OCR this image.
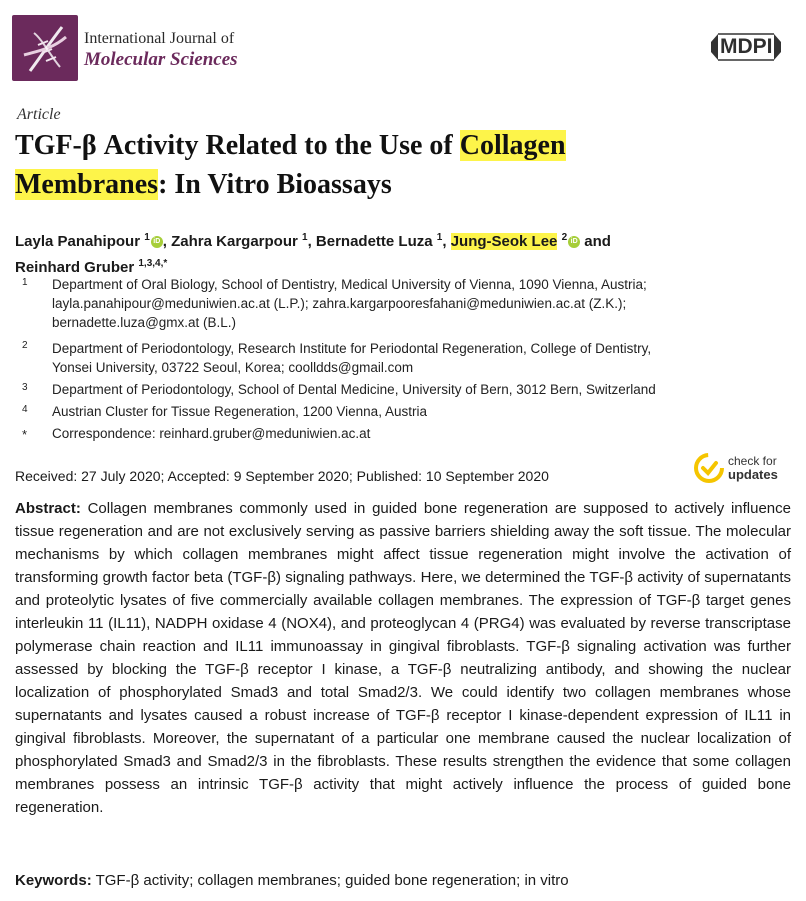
International Journal of
Molecular Sciences
MDPI
Article
TGF-β Activity Related to the Use of Collagen
Membranes: In Vitro Bioassays
Layla Panahipour $^1$ iD , Zahra Kargarpour $^1$, Bernadette Luza $^1$, Jung-Seok Lee $^2$ iD and
Reinhard Gruber $^{1,3,4,*}$
1	Department of Oral Biology, School of Dentistry, Medical University of Vienna, 1090 Vienna, Austria;
layla.panahipour@meduniwien.ac.at (L.P.); zahra.kargarpooresfahani@meduniwien.ac.at (Z.K.);
bernadette.luza@gmx.at (B.L.)
2	Department of Periodontology, Research Institute for Periodontal Regeneration, College of Dentistry,
Yonsei University, 03722 Seoul, Korea; coolldds@gmail.com
3	Department of Periodontology, School of Dental Medicine, University of Bern, 3012 Bern, Switzerland
4	Austrian Cluster for Tissue Regeneration, 1200 Vienna, Austria
*	Correspondence: reinhard.gruber@meduniwien.ac.at
Received: 27 July 2020; Accepted: 9 September 2020; Published: 10 September 2020
check for
updates
Abstract: Collagen membranes commonly used in guided bone regeneration are supposed to actively influence tissue regeneration and are not exclusively serving as passive barriers shielding away the soft tissue. The molecular mechanisms by which collagen membranes might affect tissue regeneration might involve the activation of transforming growth factor beta (TGF-β) signaling pathways. Here, we determined the TGF-β activity of supernatants and proteolytic lysates of five commercially available collagen membranes. The expression of TGF-β target genes interleukin 11 (IL11), NADPH oxidase 4 (NOX4), and proteoglycan 4 (PRG4) was evaluated by reverse transcriptase polymerase chain reaction and IL11 immunoassay in gingival fibroblasts. TGF-β signaling activation was further assessed by blocking the TGF-β receptor I kinase, a TGF-β neutralizing antibody, and showing the nuclear localization of phosphorylated Smad3 and total Smad2/3. We could identify two collagen membranes whose supernatants and lysates caused a robust increase of TGF-β receptor I kinase-dependent expression of IL11 in gingival fibroblasts. Moreover, the supernatant of a particular one membrane caused the nuclear localization of phosphorylated Smad3 and Smad2/3 in the fibroblasts. These results strengthen the evidence that some collagen membranes possess an intrinsic TGF-β activity that might actively influence the process of guided bone regeneration.
Keywords: TGF-β activity; collagen membranes; guided bone regeneration; in vitro
